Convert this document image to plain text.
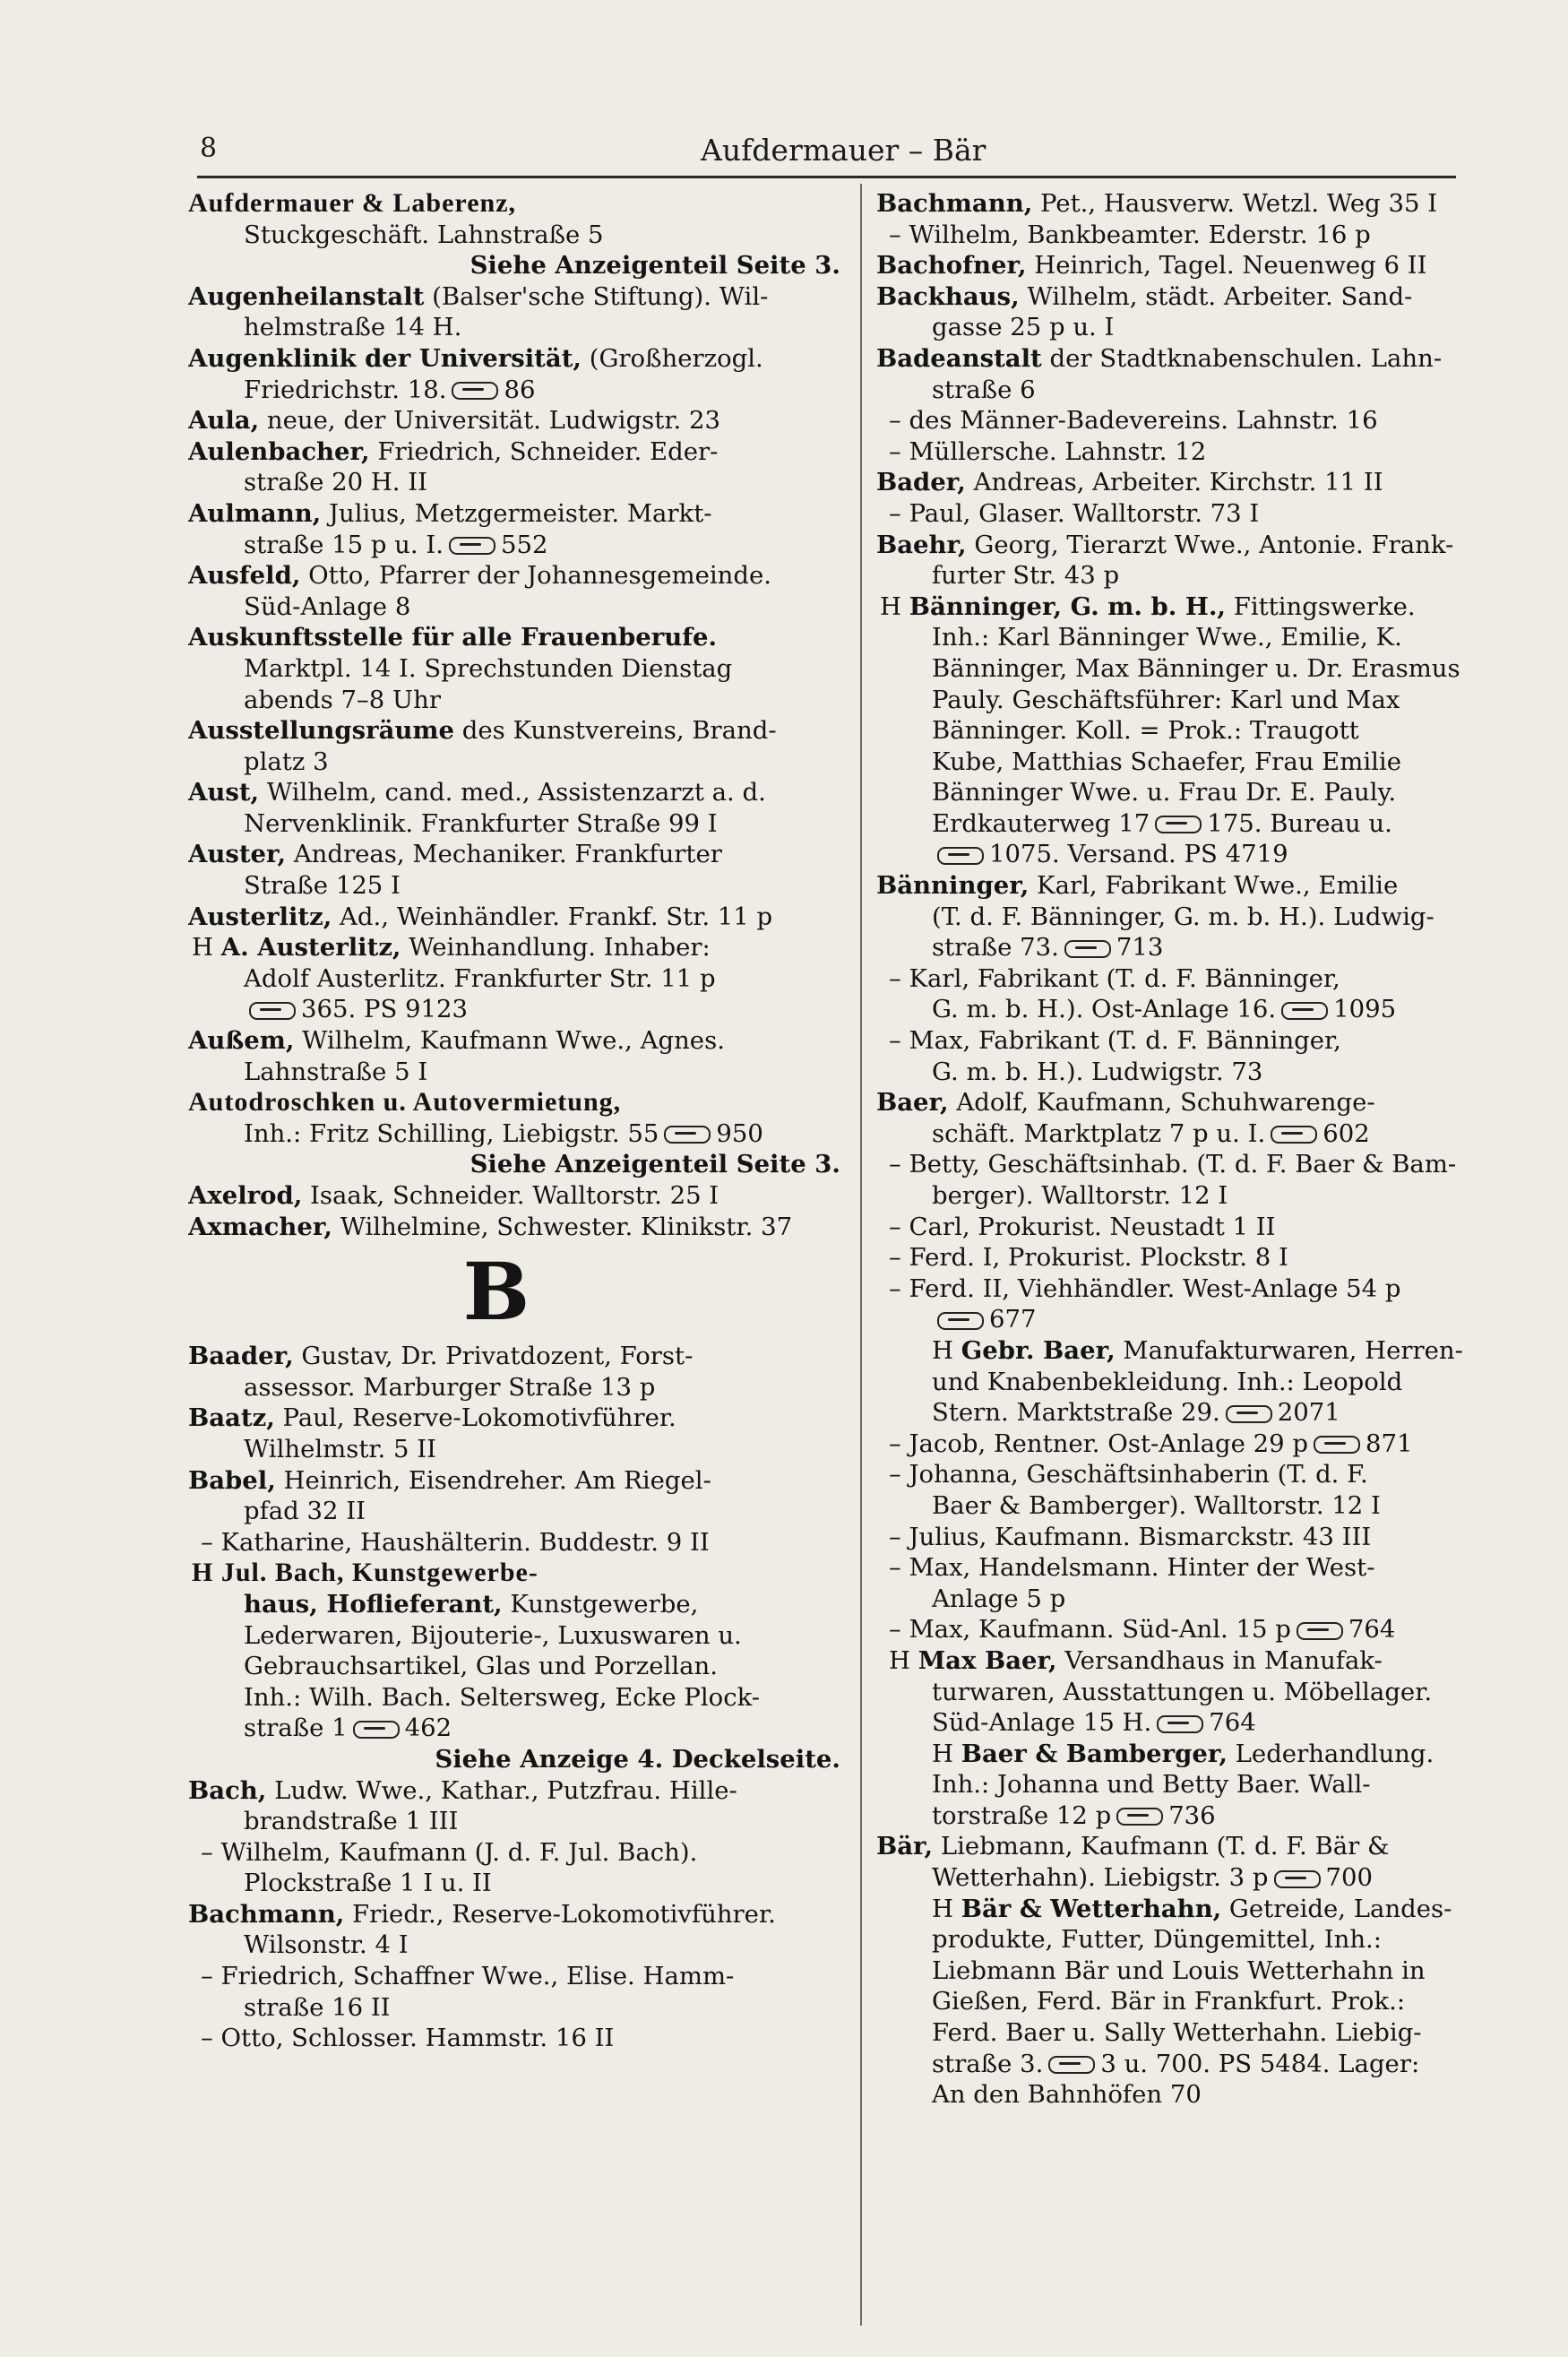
8	Aufdermauer – Bär
Aufdermauer & Laberenz,
Stuckgeschäft. Lahnstraße 5
Siehe Anzeigenteil Seite 3.
Augenheilanstalt (Balser'sche Stiftung). Wil-
helmstraße 14 H.
Augenklinik der Universität, (Großherzogl.
Friedrichstr. 18. 86
Aula, neue, der Universität. Ludwigstr. 23
Aulenbacher, Friedrich, Schneider. Eder-
straße 20 H. II
Aulmann, Julius, Metzgermeister. Markt-
straße 15 p u. I. 552
Ausfeld, Otto, Pfarrer der Johannesgemeinde.
Süd-Anlage 8
Auskunftsstelle für alle Frauenberufe.
Marktpl. 14 I. Sprechstunden Dienstag
abends 7–8 Uhr
Ausstellungsräume des Kunstvereins, Brand-
platz 3
Aust, Wilhelm, cand. med., Assistenzarzt a. d.
Nervenklinik. Frankfurter Straße 99 I
Auster, Andreas, Mechaniker. Frankfurter
Straße 125 I
Austerlitz, Ad., Weinhändler. Frankf. Str. 11 p
H A. Austerlitz, Weinhandlung. Inhaber:
Adolf Austerlitz. Frankfurter Str. 11 p
365. PS 9123
Außem, Wilhelm, Kaufmann Wwe., Agnes.
Lahnstraße 5 I
Autodroschken u. Autovermietung,
Inh.: Fritz Schilling, Liebigstr. 55 950
Siehe Anzeigenteil Seite 3.
Axelrod, Isaak, Schneider. Walltorstr. 25 I
Axmacher, Wilhelmine, Schwester. Klinikstr. 37
B
Baader, Gustav, Dr. Privatdozent, Forst-
assessor. Marburger Straße 13 p
Baatz, Paul, Reserve-Lokomotivführer.
Wilhelmstr. 5 II
Babel, Heinrich, Eisendreher. Am Riegel-
pfad 32 II
– Katharine, Haushälterin. Buddestr. 9 II
H Jul. Bach, Kunstgewerbe-
haus, Hoflieferant, Kunstgewerbe,
Lederwaren, Bijouterie-, Luxuswaren u.
Gebrauchsartikel, Glas und Porzellan.
Inh.: Wilh. Bach. Seltersweg, Ecke Plock-
straße 1 462
Siehe Anzeige 4. Deckelseite.
Bach, Ludw. Wwe., Kathar., Putzfrau. Hille-
brandstraße 1 III
– Wilhelm, Kaufmann (J. d. F. Jul. Bach).
Plockstraße 1 I u. II
Bachmann, Friedr., Reserve-Lokomotivführer.
Wilsonstr. 4 I
– Friedrich, Schaffner Wwe., Elise. Hamm-
straße 16 II
– Otto, Schlosser. Hammstr. 16 II
Bachmann, Pet., Hausverw. Wetzl. Weg 35 I
– Wilhelm, Bankbeamter. Ederstr. 16 p
Bachofner, Heinrich, Tagel. Neuenweg 6 II
Backhaus, Wilhelm, städt. Arbeiter. Sand-
gasse 25 p u. I
Badeanstalt der Stadtknabenschulen. Lahn-
straße 6
– des Männer-Badevereins. Lahnstr. 16
– Müllersche. Lahnstr. 12
Bader, Andreas, Arbeiter. Kirchstr. 11 II
– Paul, Glaser. Walltorstr. 73 I
Baehr, Georg, Tierarzt Wwe., Antonie. Frank-
furter Str. 43 p
H Bänninger, G. m. b. H., Fittingswerke.
Inh.: Karl Bänninger Wwe., Emilie, K.
Bänninger, Max Bänninger u. Dr. Erasmus
Pauly. Geschäftsführer: Karl und Max
Bänninger. Koll. = Prok.: Traugott
Kube, Matthias Schaefer, Frau Emilie
Bänninger Wwe. u. Frau Dr. E. Pauly.
Erdkauterweg 17 175. Bureau u.
1075. Versand. PS 4719
Bänninger, Karl, Fabrikant Wwe., Emilie
(T. d. F. Bänninger, G. m. b. H.). Ludwig-
straße 73. 713
– Karl, Fabrikant (T. d. F. Bänninger,
G. m. b. H.). Ost-Anlage 16. 1095
– Max, Fabrikant (T. d. F. Bänninger,
G. m. b. H.). Ludwigstr. 73
Baer, Adolf, Kaufmann, Schuhwarenge-
schäft. Marktplatz 7 p u. I. 602
– Betty, Geschäftsinhab. (T. d. F. Baer & Bam-
berger). Walltorstr. 12 I
– Carl, Prokurist. Neustadt 1 II
– Ferd. I, Prokurist. Plockstr. 8 I
– Ferd. II, Viehhändler. West-Anlage 54 p
677
H Gebr. Baer, Manufakturwaren, Herren-
und Knabenbekleidung. Inh.: Leopold
Stern. Marktstraße 29. 2071
– Jacob, Rentner. Ost-Anlage 29 p 871
– Johanna, Geschäftsinhaberin (T. d. F.
Baer & Bamberger). Walltorstr. 12 I
– Julius, Kaufmann. Bismarckstr. 43 III
– Max, Handelsmann. Hinter der West-
Anlage 5 p
– Max, Kaufmann. Süd-Anl. 15 p 764
H Max Baer, Versandhaus in Manufak-
turwaren, Ausstattungen u. Möbellager.
Süd-Anlage 15 H. 764
H Baer & Bamberger, Lederhandlung.
Inh.: Johanna und Betty Baer. Wall-
torstraße 12 p 736
Bär, Liebmann, Kaufmann (T. d. F. Bär &
Wetterhahn). Liebigstr. 3 p 700
H Bär & Wetterhahn, Getreide, Landes-
produkte, Futter, Düngemittel, Inh.:
Liebmann Bär und Louis Wetterhahn in
Gießen, Ferd. Bär in Frankfurt. Prok.:
Ferd. Baer u. Sally Wetterhahn. Liebig-
straße 3. 3 u. 700. PS 5484. Lager:
An den Bahnhöfen 70
